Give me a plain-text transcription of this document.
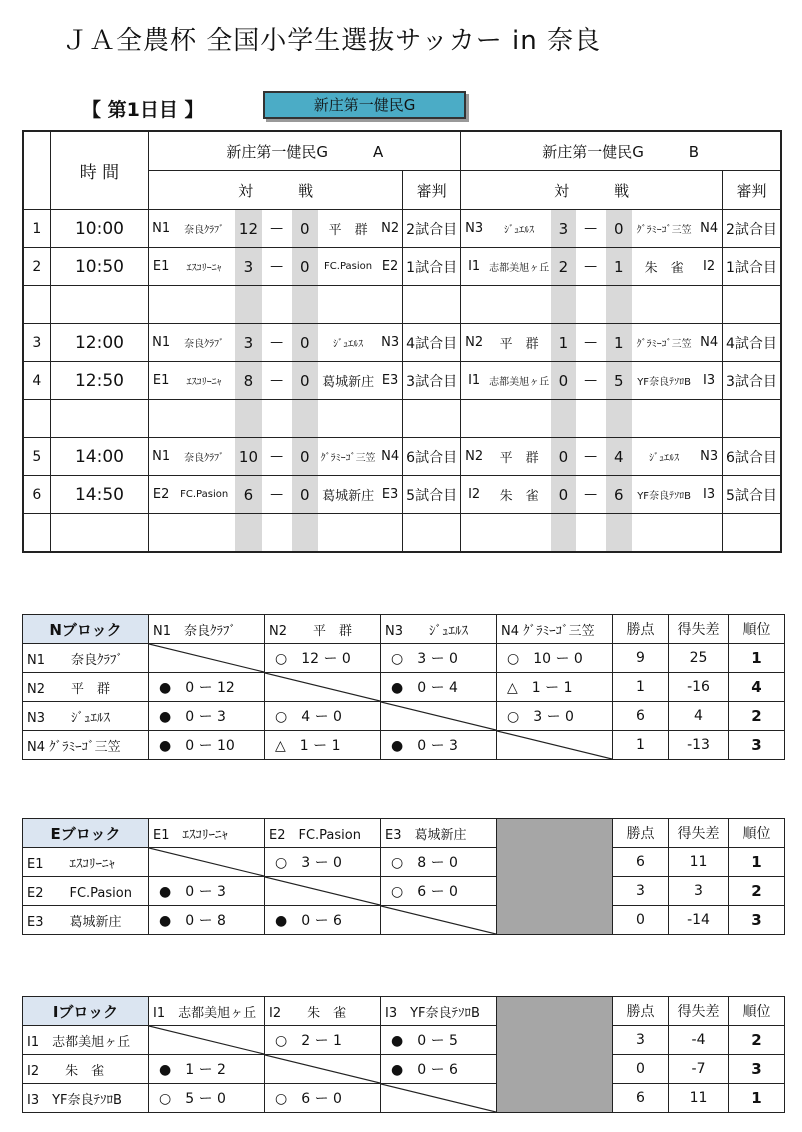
ＪＡ全農杯 全国小学生選抜サッカー in 奈良
【 第1日目 】	新庄第一健民G
	時 間	新庄第一健民G　　　A								新庄第一健民G　　　B							
		対　　　戦							審判	対　　　戦							審判
1	10:00	N1	奈良ｸﾗﾌﾞ	12	—	0	平　群	N2	2試合目	N3	ｼﾞｭｴﾙｽ	3	—	0	ｸﾞﾗﾐｰｺﾞ三笠	N4	2試合目
2	10:50	E1	ｴｽｺﾘｰﾆｬ	3	—	0	FC.Pasion	E2	1試合目	I1	志都美旭ヶ丘	2	—	1	朱　雀	I2	1試合目

3	12:00	N1	奈良ｸﾗﾌﾞ	3	—	0	ｼﾞｭｴﾙｽ	N3	4試合目	N2	平　群	1	—	1	ｸﾞﾗﾐｰｺﾞ三笠	N4	4試合目
4	12:50	E1	ｴｽｺﾘｰﾆｬ	8	—	0	葛城新庄	E3	3試合目	I1	志都美旭ヶ丘	0	—	5	YF奈良ﾃｿﾛB	I3	3試合目

5	14:00	N1	奈良ｸﾗﾌﾞ	10	—	0	ｸﾞﾗﾐｰｺﾞ三笠	N4	6試合目	N2	平　群	0	—	4	ｼﾞｭｴﾙｽ	N3	6試合目
6	14:50	E2	FC.Pasion	6	—	0	葛城新庄	E3	5試合目	I2	朱　雀	0	—	6	YF奈良ﾃｿﾛB	I3	5試合目

Nブロック	N1　奈良ｸﾗﾌﾞ	N2　　平　群	N3　　ｼﾞｭｴﾙｽ	N4 ｸﾞﾗﾐｰｺﾞ三笠	勝点	得失差	順位
N1　　奈良ｸﾗﾌﾞ		○　12 ー 0	○　3 ー 0	○　10 ー 0	9	25	1
N2　　平　群	●　0 ー 12		●　0 ー 4	△　1 ー 1	1	-16	4
N3　　ｼﾞｭｴﾙｽ	●　0 ー 3	○　4 ー 0		○　3 ー 0	6	4	2
N4 ｸﾞﾗﾐｰｺﾞ三笠	●　0 ー 10	△　1 ー 1	●　0 ー 3		1	-13	3
Eブロック	E1　ｴｽｺﾘｰﾆｬ	E2　FC.Pasion	E3　葛城新庄		勝点	得失差	順位
E1　　ｴｽｺﾘｰﾆｬ		○　3 ー 0	○　8 ー 0		6	11	1
E2　　FC.Pasion	●　0 ー 3		○　6 ー 0		3	3	2
E3　　葛城新庄	●　0 ー 8	●　0 ー 6			0	-14	3
Iブロック	I1　志都美旭ヶ丘	I2　　朱　雀	I3　YF奈良ﾃｿﾛB		勝点	得失差	順位
I1　志都美旭ヶ丘		○　2 ー 1	●　0 ー 5		3	-4	2
I2　　朱　雀	●　1 ー 2		●　0 ー 6		0	-7	3
I3　YF奈良ﾃｿﾛB	○　5 ー 0	○　6 ー 0			6	11	1
